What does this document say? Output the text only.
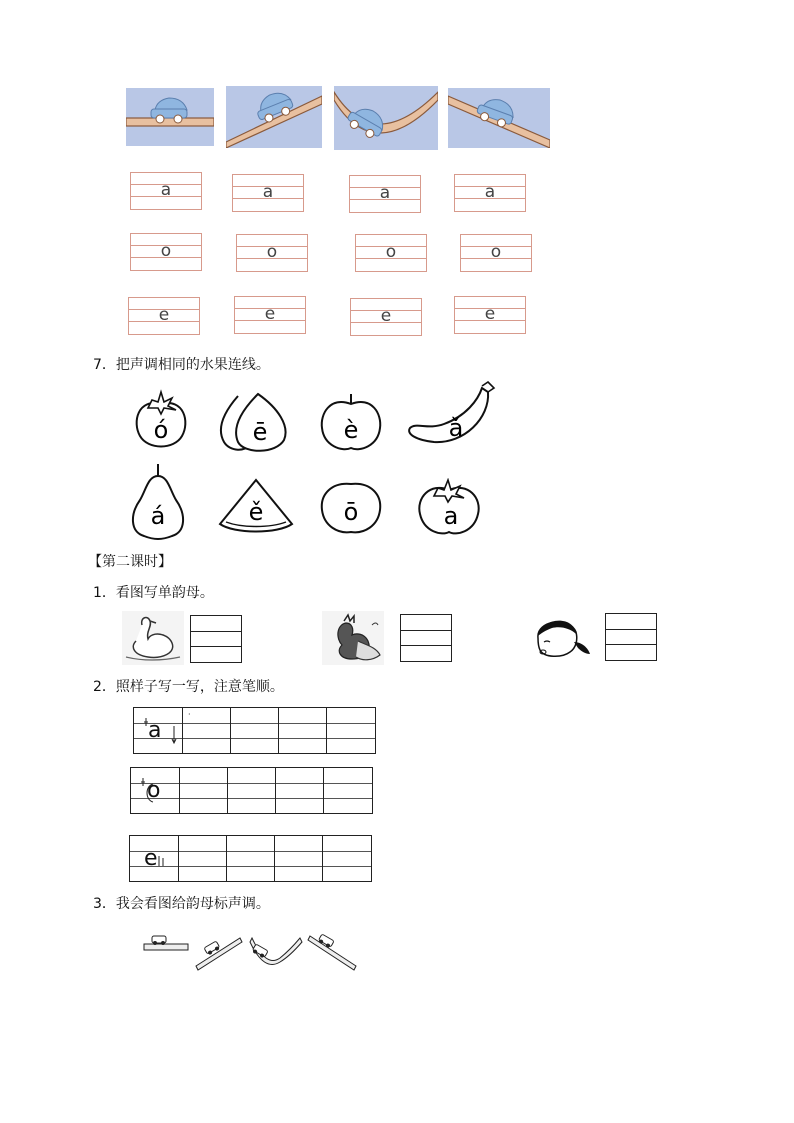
a	a	a	a
o	o	o	o
e	e	e	e
7．把声调相同的水果连线。
ó	ē	è	ǎ
á	ě	ō	a
【第二课时】
1．看图写单韵母。
2．照样子写一写，注意笔顺。
a
·
o
e
3．我会看图给韵母标声调。
